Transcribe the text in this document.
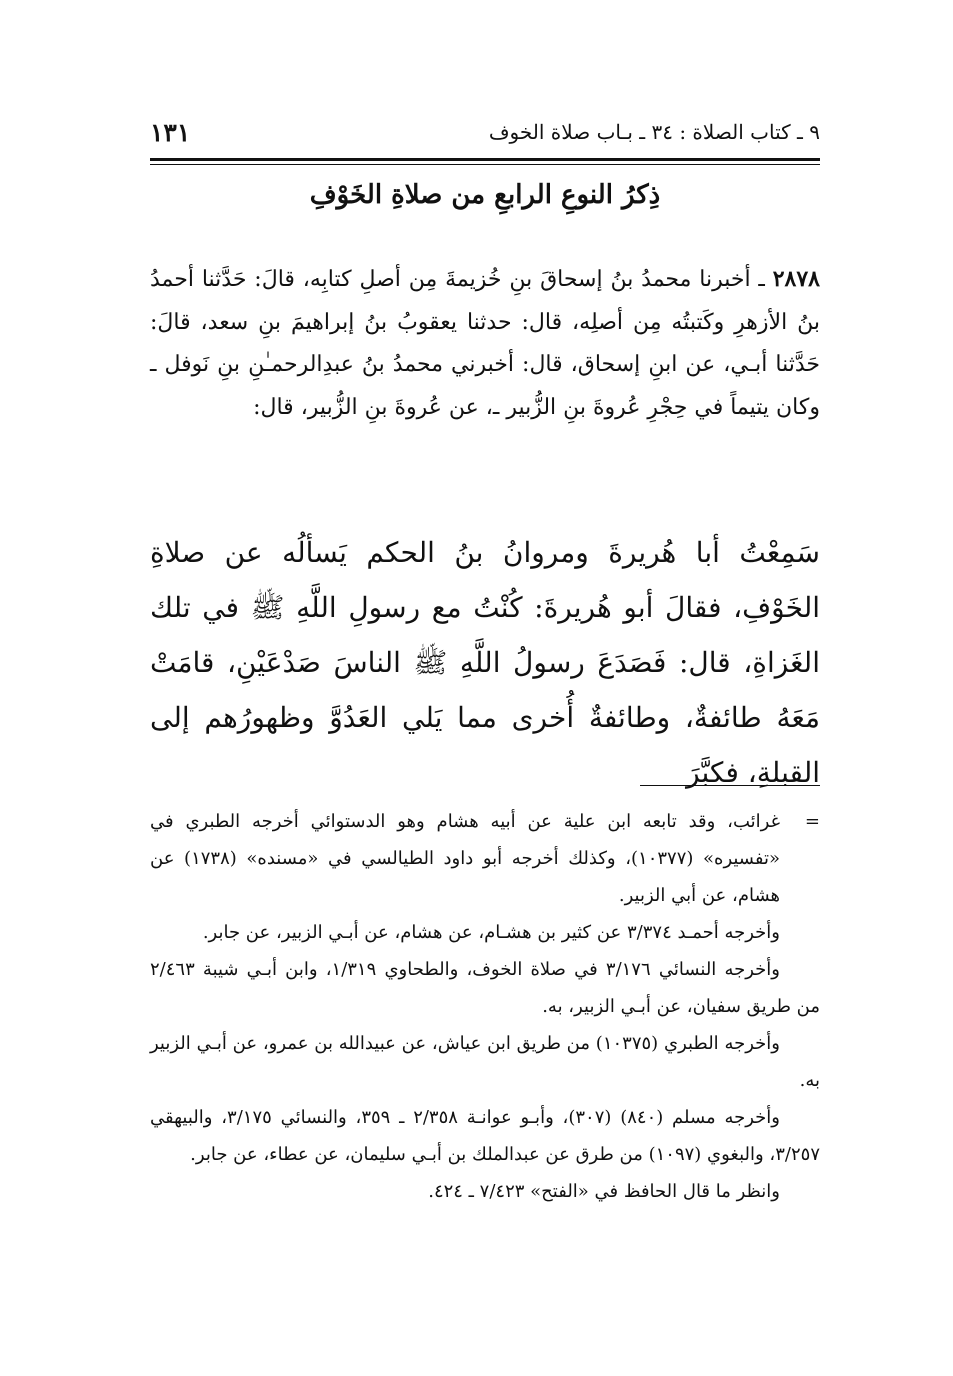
٩ ـ كتاب الصلاة : ٣٤ ـ بـاب صلاة الخوف
١٣١
ذِكرُ النوعِ الرابعِ من صلاةِ الخَوْفِ
٢٨٧٨ ـ أخبرنا محمدُ بنُ إسحاقَ بنِ خُزيمةَ مِن أصلِ كتابِه، قالَ: حَدَّثنا أحمدُ بنُ الأزهرِ وكَتبتُه مِن أصلِه، قال: حدثنا يعقوبُ بنُ إبراهيمَ بنِ سعد، قالَ: حَدَّثنا أبـي، عن ابنِ إسحاق، قال: أخبرني محمدُ بنُ عبدِالرحمـٰنِ بنِ نَوفل ـ وكان يتيماً في حِجْرِ عُروةَ بنِ الزُّبير ـ، عن عُروةَ بنِ الزُّبير، قال:
سَمِعْتُ أبا هُريرةَ ومروانُ بنُ الحكم يَسألُه عن صلاةِ الخَوْفِ، فقالَ أبو هُريرةَ: كُنْتُ مع رسولِ اللَّهِ ﷺ في تلك الغَزاةِ، قال: فَصَدَعَ رسولُ اللَّهِ ﷺ الناسَ صَدْعَيْنِ، قامَتْ مَعَهُ طائفةٌ، وطائفةٌ أُخرى مما يَلي العَدُوَّ وظهورُهم إلى القبلةِ، فكبَّرَ

=
غرائب، وقد تابعه ابن علية عن أبيه هشام وهو الدستوائي أخرجه الطبري في «تفسيره» (١٠٣٧٧)، وكذلك أخرجه أبو داود الطيالسي في «مسنده» (١٧٣٨) عن هشام، عن أبي الزبير.

وأخرجه أحمـد ٣/٣٧٤ عن كثير بن هشـام، عن هشام، عن أبـي الزبير، عن جابر.

وأخرجه النسائي ٣/١٧٦ في صلاة الخوف، والطحاوي ١/٣١٩، وابن أبـي شيبة ٢/٤٦٣ من طريق سفيان، عن أبـي الزبير، به.

وأخرجه الطبري (١٠٣٧٥) من طريق ابن عياش، عن عبيدالله بن عمرو، عن أبـي الزبير به.

وأخرجه مسلم (٨٤٠) (٣٠٧)، وأبـو عوانـة ٢/٣٥٨ ـ ٣٥٩، والنسائي ٣/١٧٥، والبيهقي ٣/٢٥٧، والبغوي (١٠٩٧) من طرق عن عبدالملك بن أبـي سليمان، عن عطاء، عن جابر.

وانظر ما قال الحافظ في «الفتح» ٧/٤٢٣ ـ ٤٢٤.
